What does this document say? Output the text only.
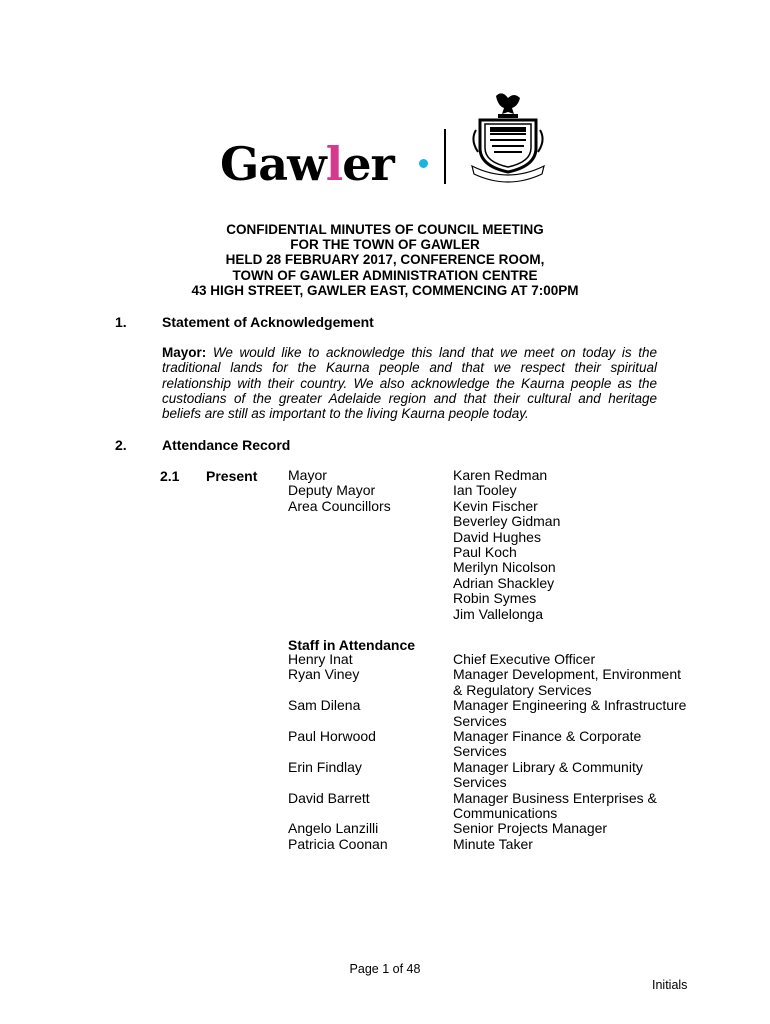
Gawler
CONFIDENTIAL MINUTES OF COUNCIL MEETING
FOR THE TOWN OF GAWLER
HELD 28 FEBRUARY 2017, CONFERENCE ROOM,
TOWN OF GAWLER ADMINISTRATION CENTRE
43 HIGH STREET, GAWLER EAST, COMMENCING AT 7:00PM
1.	Statement of Acknowledgement
Mayor: We would like to acknowledge this land that we meet on today is the traditional lands for the Kaurna people and that we respect their spiritual relationship with their country. We also acknowledge the Kaurna people as the custodians of the greater Adelaide region and that their cultural and heritage beliefs are still as important to the living Kaurna people today.
2.	Attendance Record
2.1 Present Mayor
Deputy Mayor
Area Councillors
Karen Redman
Ian Tooley
Kevin Fischer
Beverley Gidman
David Hughes
Paul Koch
Merilyn Nicolson
Adrian Shackley
Robin Symes
Jim Vallelonga
Staff in Attendance
Henry Inat
Ryan Viney

Sam Dilena

Paul Horwood

Erin Findlay

David Barrett

Angelo Lanzilli
Patricia Coonan
Chief Executive Officer
Manager Development, Environment
& Regulatory Services
Manager Engineering & Infrastructure
Services
Manager Finance & Corporate
Services
Manager Library & Community
Services
Manager Business Enterprises &
Communications
Senior Projects Manager
Minute Taker
Page 1 of 48
Initials
